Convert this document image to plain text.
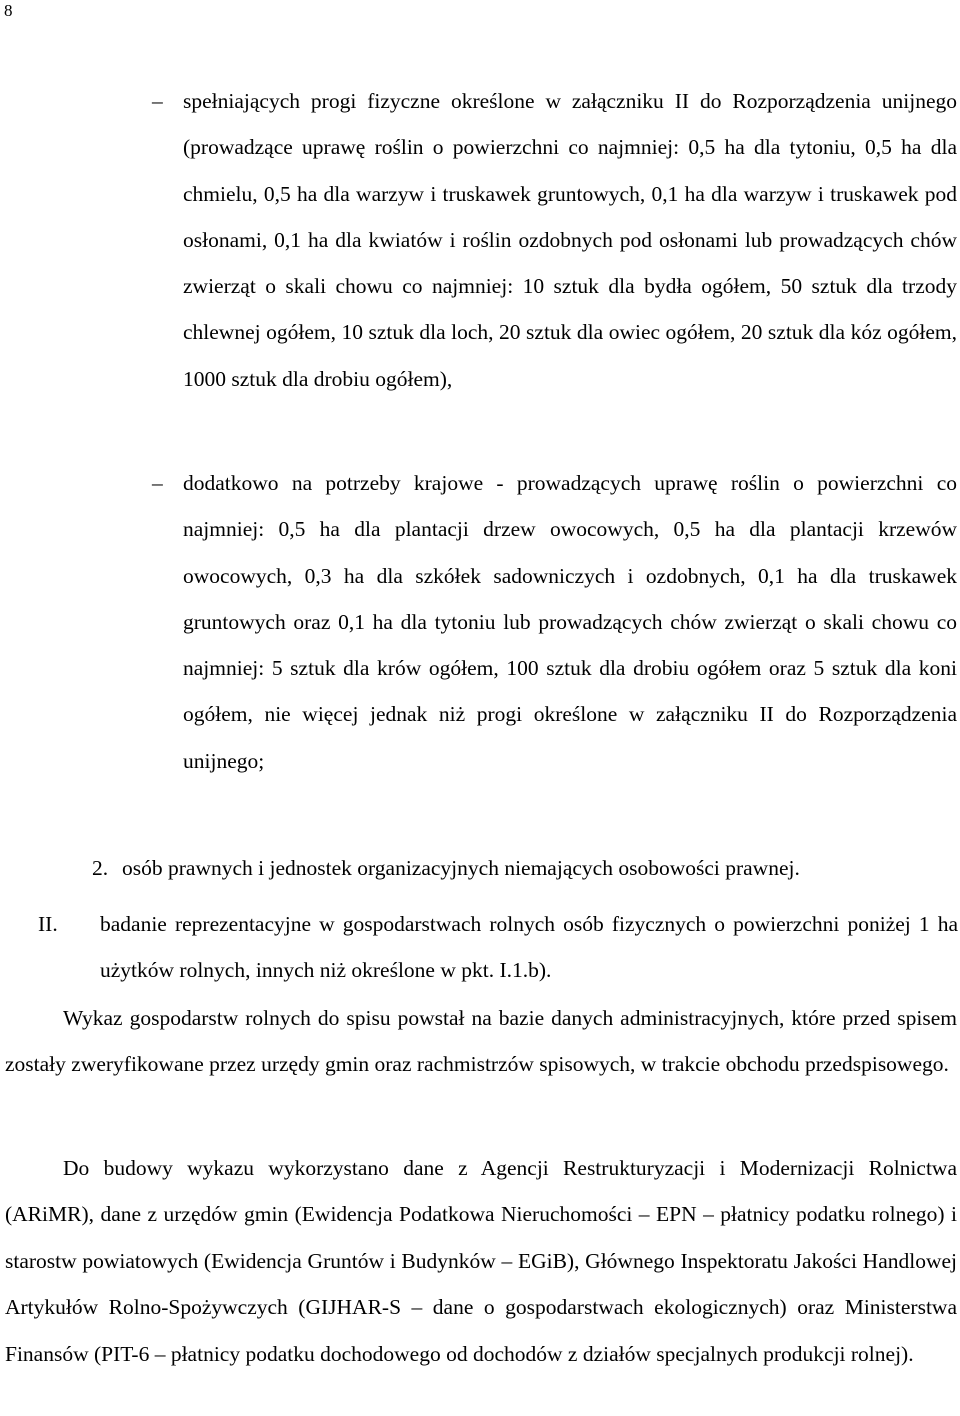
8
– spełniających progi fizyczne określone w załączniku II do Rozporządzenia unijnego (prowadzące uprawę roślin o powierzchni co najmniej: 0,5 ha dla tytoniu, 0,5 ha dla chmielu, 0,5 ha dla warzyw i truskawek gruntowych, 0,1 ha dla warzyw i truskawek pod osłonami, 0,1 ha dla kwiatów i roślin ozdobnych pod osłonami lub prowadzących chów zwierząt o skali chowu co najmniej: 10 sztuk dla bydła ogółem, 50 sztuk dla trzody chlewnej ogółem, 10 sztuk dla loch, 20 sztuk dla owiec ogółem, 20 sztuk dla kóz ogółem, 1000 sztuk dla drobiu ogółem),
– dodatkowo na potrzeby krajowe - prowadzących uprawę roślin o powierzchni co najmniej: 0,5 ha dla plantacji drzew owocowych, 0,5 ha dla plantacji krzewów owocowych, 0,3 ha dla szkółek sadowniczych i ozdobnych, 0,1 ha dla truskawek gruntowych oraz 0,1 ha dla tytoniu lub prowadzących chów zwierząt o skali chowu co najmniej: 5 sztuk dla krów ogółem, 100 sztuk dla drobiu ogółem oraz 5 sztuk dla koni ogółem, nie więcej jednak niż progi określone w załączniku II do Rozporządzenia unijnego;
2. osób prawnych i jednostek organizacyjnych niemających osobowości prawnej.
II. badanie reprezentacyjne w gospodarstwach rolnych osób fizycznych o powierzchni poniżej 1 ha użytków rolnych, innych niż określone w pkt. I.1.b).
Wykaz gospodarstw rolnych do spisu powstał na bazie danych administracyjnych, które przed spisem zostały zweryfikowane przez urzędy gmin oraz rachmistrzów spisowych, w trakcie obchodu przedspisowego.
Do budowy wykazu wykorzystano dane z Agencji Restrukturyzacji i Modernizacji Rolnictwa (ARiMR), dane z urzędów gmin (Ewidencja Podatkowa Nieruchomości – EPN – płatnicy podatku rolnego) i starostw powiatowych (Ewidencja Gruntów i Budynków – EGiB), Głównego Inspektoratu Jakości Handlowej Artykułów Rolno-Spożywczych (GIJHAR-S – dane o gospodarstwach ekologicznych) oraz Ministerstwa Finansów (PIT-6 – płatnicy podatku dochodowego od dochodów z działów specjalnych produkcji rolnej).
